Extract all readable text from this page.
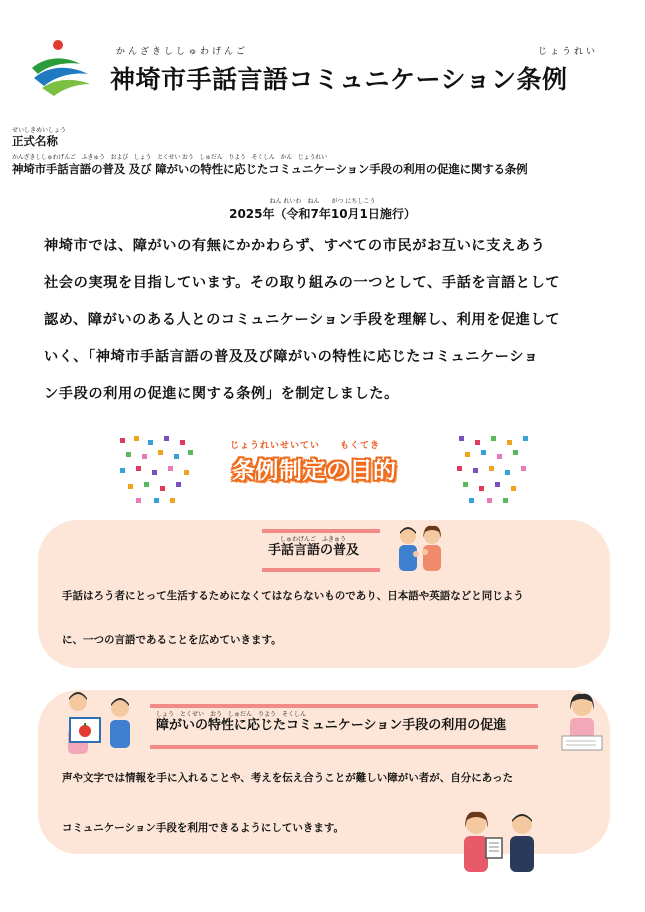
かんざきししゅわげんご	じょうれい
神埼市手話言語コミュニケーション条例
せいしきめいしょう
正式名称
かんざきししゅわげんご　ふきゅう　および　しょう　とくせい おう　しゅだん　りよう　そくしん　かん　じょうれい
神埼市手話言語の普及 及び 障がいの特性に応じたコミュニケーション手段の利用の促進に関する条例
ねん れいわ　ねん　　がつ にちしこう
2025年（令和7年10月1日施行）

神埼市では、障がいの有無にかかわらず、すべての市民がお互いに支えあう

社会の実現を目指しています。その取り組みの一つとして、手話を言語として

認め、障がいのある人とのコミュニケーション手段を理解し、利用を促進して

いく、「神埼市手話言語の普及及び障がいの特性に応じたコミュニケーショ

ン手段の利用の促進に関する条例」を制定しました。

じょうれいせいてい　　もくてき
条例制定の目的
しゅわげんご　ふきゅう
手話言語の普及
手話はろう者にとって生活するためになくてはならないものであり、日本語や英語などと同じよう
に、一つの言語であることを広めていきます。
しょう　とくせい　おう　しゅだん　りよう　そくしん
障がいの特性に応じたコミュニケーション手段の利用の促進
声や文字では情報を手に入れることや、考えを伝え合うことが難しい障がい者が、自分にあった
コミュニケーション手段を利用できるようにしていきます。
